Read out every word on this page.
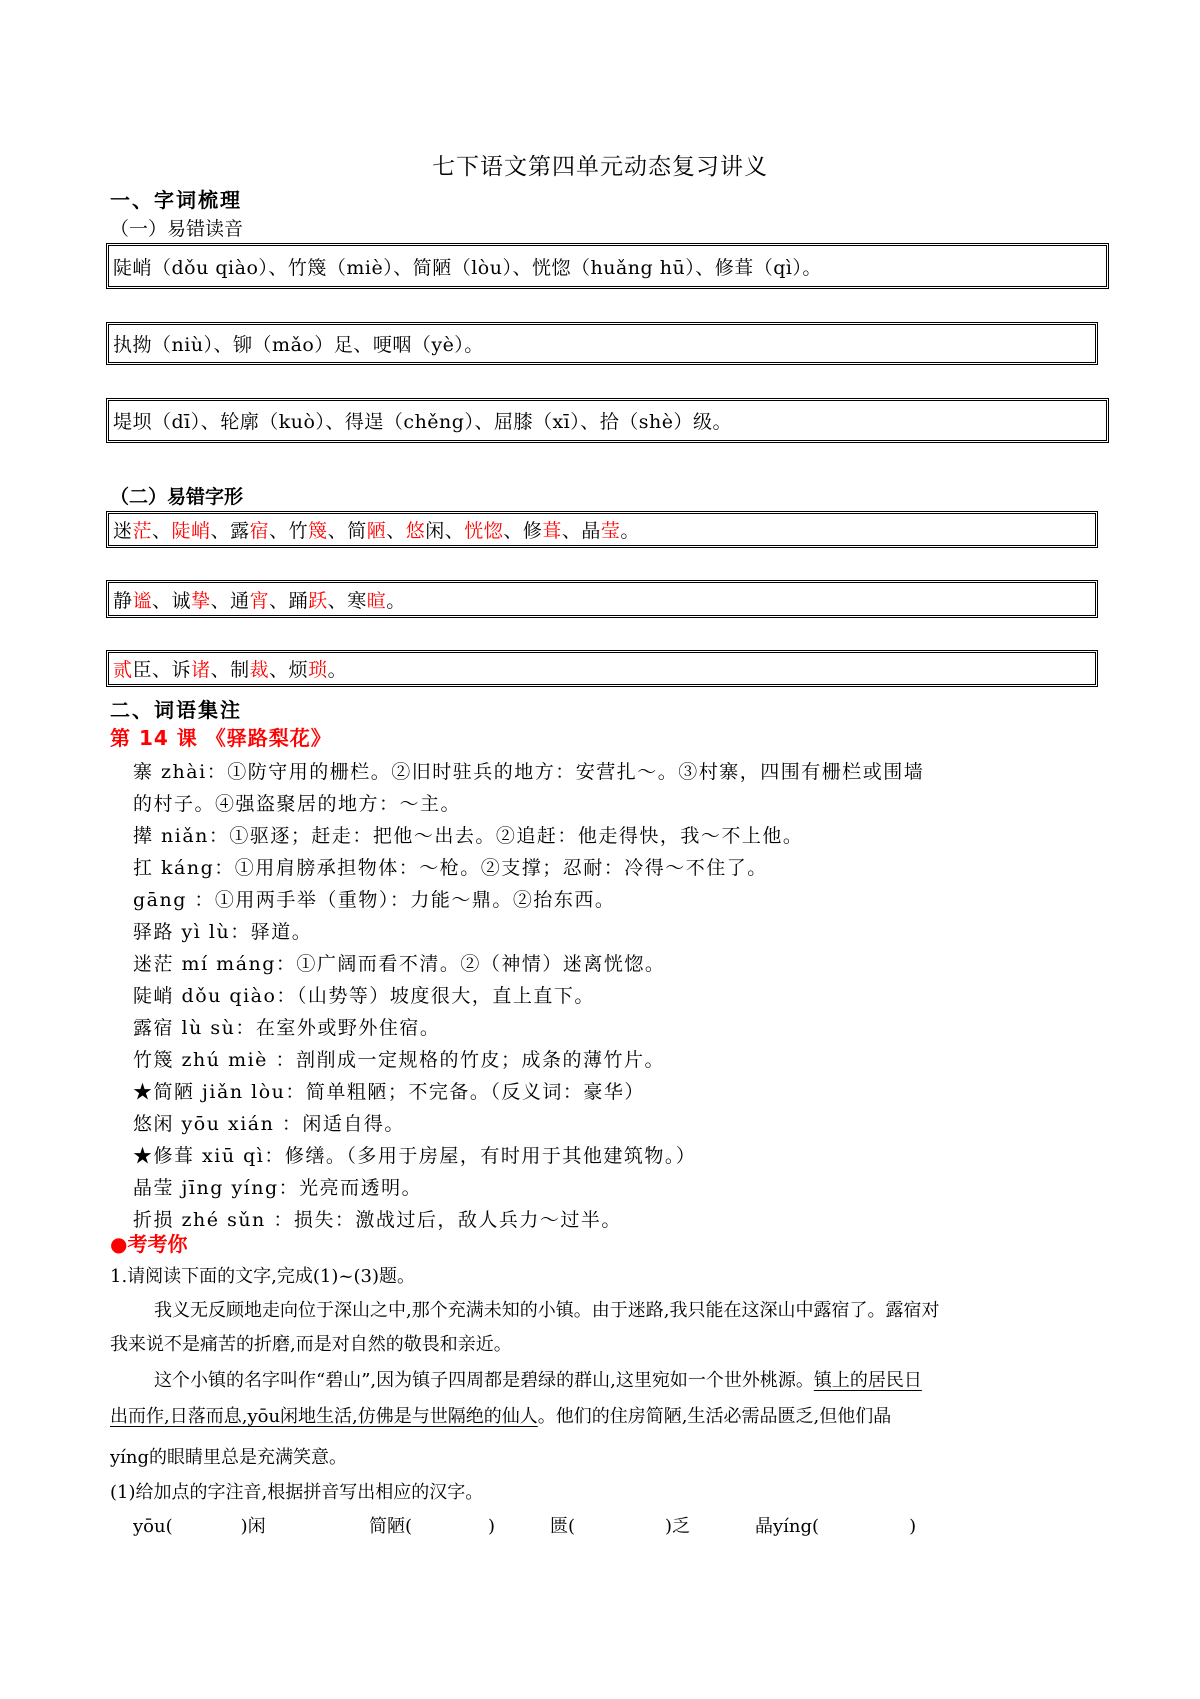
七下语文第四单元动态复习讲义
一、字词梳理
（一）易错读音
陡峭（dǒu qiào）、竹篾（miè）、简陋（lòu）、恍惚（huǎng hū）、修葺（qì）。
执拗（niù）、铆（mǎo）足、哽咽（yè）。
堤坝（dī）、轮廓（kuò）、得逞（chěng）、屈膝（xī）、拾（shè）级。
（二）易错字形
迷 茫 、 陡 峭 、 露 宿 、 竹 篾 、 简 陋 、 悠 闲 、 恍 惚 、 修 葺 、 晶 莹 。
静 谧 、 诚 挚 、 通 宵 、 踊 跃 、 寒 暄 。
贰 臣 、 诉 诸 、 制 裁 、 烦 琐 。
二、词语集注
第 14 课 《驿路梨花》
寨 zhài：①防守用的栅栏。②旧时驻兵的地方：安营扎～。③村寨，四围有栅栏或围墙
的村子。④强盗聚居的地方：～主。
撵 niǎn：①驱逐；赶走：把他～出去。②追赶：他走得快，我～不上他。
扛 káng：①用肩膀承担物体：～枪。②支撑；忍耐：冷得～不住了。
gāng ：①用两手举（重物）：力能～鼎。②抬东西。
驿路 yì lù：驿道。
迷茫 mí máng：①广阔而看不清。②（神情）迷离恍惚。
陡峭 dǒu qiào：（山势等）坡度很大，直上直下。
露宿 lù sù：在室外或野外住宿。
竹篾 zhú miè ：剖削成一定规格的竹皮；成条的薄竹片。
★简陋 jiǎn lòu：简单粗陋；不完备。（反义词：豪华）
悠闲 yōu xián ：闲适自得。
★修葺 xiū qì：修缮。（多用于房屋，有时用于其他建筑物。）
晶莹 jīng yíng：光亮而透明。
折损 zhé sǔn ：损失：激战过后，敌人兵力～过半。
●考考你
1.请阅读下面的文字,完成(1)~(3)题。
我义无反顾地走向位于深山之中,那个充满未知的小镇。由于迷路,我只能在这深山中露宿了。露宿对
我来说不是痛苦的折磨,而是对自然的敬畏和亲近。
这个小镇的名字叫作“碧山”,因为镇子四周都是碧绿的群山,这里宛如一个世外桃源。镇上的居民日
出而作,日落而息,yōu闲地生活,仿佛是与世隔绝的仙人。他们的住房简陋,生活必需品匮乏,但他们晶
yíng的眼睛里总是充满笑意。
(1)给加点的字注音,根据拼音写出相应的汉字。
yōu(	)闲	简陋(	)	匮(	)乏	晶yíng(	)
